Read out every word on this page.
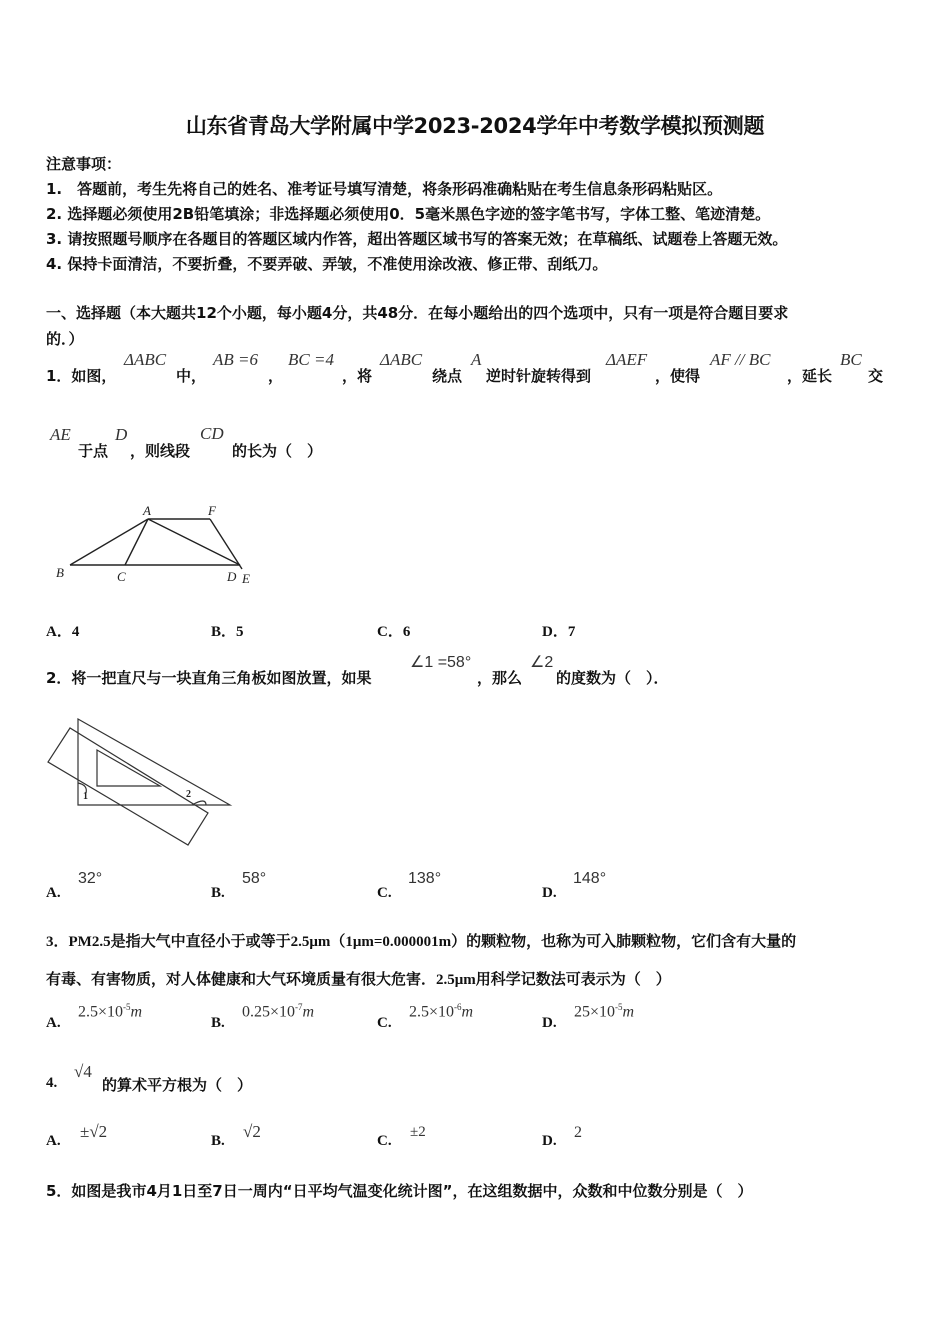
山东省青岛大学附属中学2023-2024学年中考数学模拟预测题
注意事项：
1.　答题前，考生先将自己的姓名、准考证号填写清楚，将条形码准确粘贴在考生信息条形码粘贴区。
2. 选择题必须使用2B铅笔填涂；非选择题必须使用0．5毫米黑色字迹的签字笔书写，字体工整、笔迹清楚。
3. 请按照题号顺序在各题目的答题区域内作答，超出答题区域书写的答案无效；在草稿纸、试题卷上答题无效。
4. 保持卡面清洁，不要折叠，不要弄破、弄皱，不准使用涂改液、修正带、刮纸刀。
一、选择题（本大题共12个小题，每小题4分，共48分．在每小题给出的四个选项中，只有一项是符合题目要求
的．）
1．如图，
ΔABC
中，
AB =6
，
BC =4
，将
ΔABC
绕点
A
逆时针旋转得到
ΔAEF
，使得
AF // BC
，延长
BC
交
AE
于点
D
，则线段
CD
的长为（　）
A	F
B	C	D E
A．4	B．5	C．6	D．7
2．将一把直尺与一块直角三角板如图放置，如果
∠1 =58°
，那么
∠2
的度数为（　）．
1	2
A.
32°
B.
58°
C.
138°
D.
148°
3．PM2.5是指大气中直径小于或等于2.5μm（1μm=0.000001m）的颗粒物，也称为可入肺颗粒物，它们含有大量的
有毒、有害物质，对人体健康和大气环境质量有很大危害．2.5μm用科学记数法可表示为（　）
A.
$2.5\times 10^{-5}m$
B.
$0.25\times 10^{-7}m$
C.
$2.5\times 10^{-6}m$
D.
$25\times 10^{-5}m$
4.
√4
的算术平方根为（　）
A. ±√2	B. √2	C.
±2
D. 2
5．如图是我市4月1日至7日一周内“日平均气温变化统计图”，在这组数据中，众数和中位数分别是（　）
